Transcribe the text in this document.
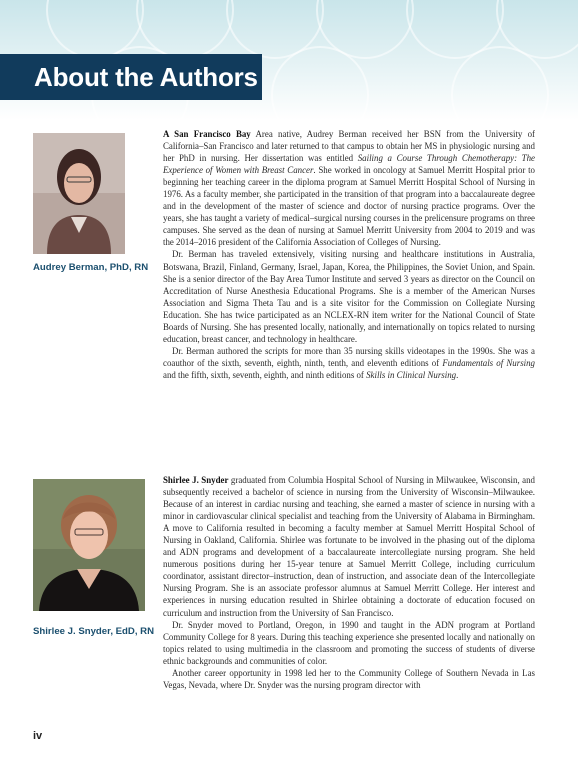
About the Authors
Audrey Berman, PhD, RN

A San Francisco Bay Area native, Audrey Berman received her BSN from the University of California–San Francisco and later returned to that campus to obtain her MS in physiologic nursing and her PhD in nursing. Her dissertation was entitled Sailing a Course Through Chemotherapy: The Experience of Women with Breast Cancer. She worked in oncology at Samuel Merritt Hospital prior to beginning her teaching career in the diploma program at Samuel Merritt Hospital School of Nursing in 1976. As a faculty member, she participated in the transition of that program into a baccalaureate degree and in the development of the master of science and doctor of nursing practice programs. Over the years, she has taught a variety of medical–surgical nursing courses in the prelicensure programs on three campuses. She served as the dean of nursing at Samuel Merritt University from 2004 to 2019 and was the 2014–2016 president of the California Association of Colleges of Nursing.

Dr. Berman has traveled extensively, visiting nursing and healthcare institutions in Australia, Botswana, Brazil, Finland, Germany, Israel, Japan, Korea, the Philippines, the Soviet Union, and Spain. She is a senior director of the Bay Area Tumor Institute and served 3 years as director on the Council on Accreditation of Nurse Anesthesia Educational Programs. She is a member of the American Nurses Association and Sigma Theta Tau and is a site visitor for the Commission on Collegiate Nursing Education. She has twice participated as an NCLEX-RN item writer for the National Council of State Boards of Nursing. She has presented locally, nationally, and internationally on topics related to nursing education, breast cancer, and technology in healthcare.

Dr. Berman authored the scripts for more than 35 nursing skills videotapes in the 1990s. She was a coauthor of the sixth, seventh, eighth, ninth, tenth, and eleventh editions of Fundamentals of Nursing and the fifth, sixth, seventh, eighth, and ninth editions of Skills in Clinical Nursing.

Shirlee J. Snyder, EdD, RN

Shirlee J. Snyder graduated from Columbia Hospital School of Nursing in Milwaukee, Wisconsin, and subsequently received a bachelor of science in nursing from the University of Wisconsin–Milwaukee. Because of an interest in cardiac nursing and teaching, she earned a master of science in nursing with a minor in cardiovascular clinical specialist and teaching from the University of Alabama in Birmingham. A move to California resulted in becoming a faculty member at Samuel Merritt Hospital School of Nursing in Oakland, California. Shirlee was fortunate to be involved in the phasing out of the diploma and ADN programs and development of a baccalaureate intercollegiate nursing program. She held numerous positions during her 15-year tenure at Samuel Merritt College, including curriculum coordinator, assistant director–instruction, dean of instruction, and associate dean of the Intercollegiate Nursing Program. She is an associate professor alumnus at Samuel Merritt College. Her interest and experiences in nursing education resulted in Shirlee obtaining a doctorate of education focused on curriculum and instruction from the University of San Francisco.

Dr. Snyder moved to Portland, Oregon, in 1990 and taught in the ADN program at Portland Community College for 8 years. During this teaching experience she presented locally and nationally on topics related to using multimedia in the classroom and promoting the success of students of diverse ethnic backgrounds and communities of color.

Another career opportunity in 1998 led her to the Community College of Southern Nevada in Las Vegas, Nevada, where Dr. Snyder was the nursing program director with

iv
